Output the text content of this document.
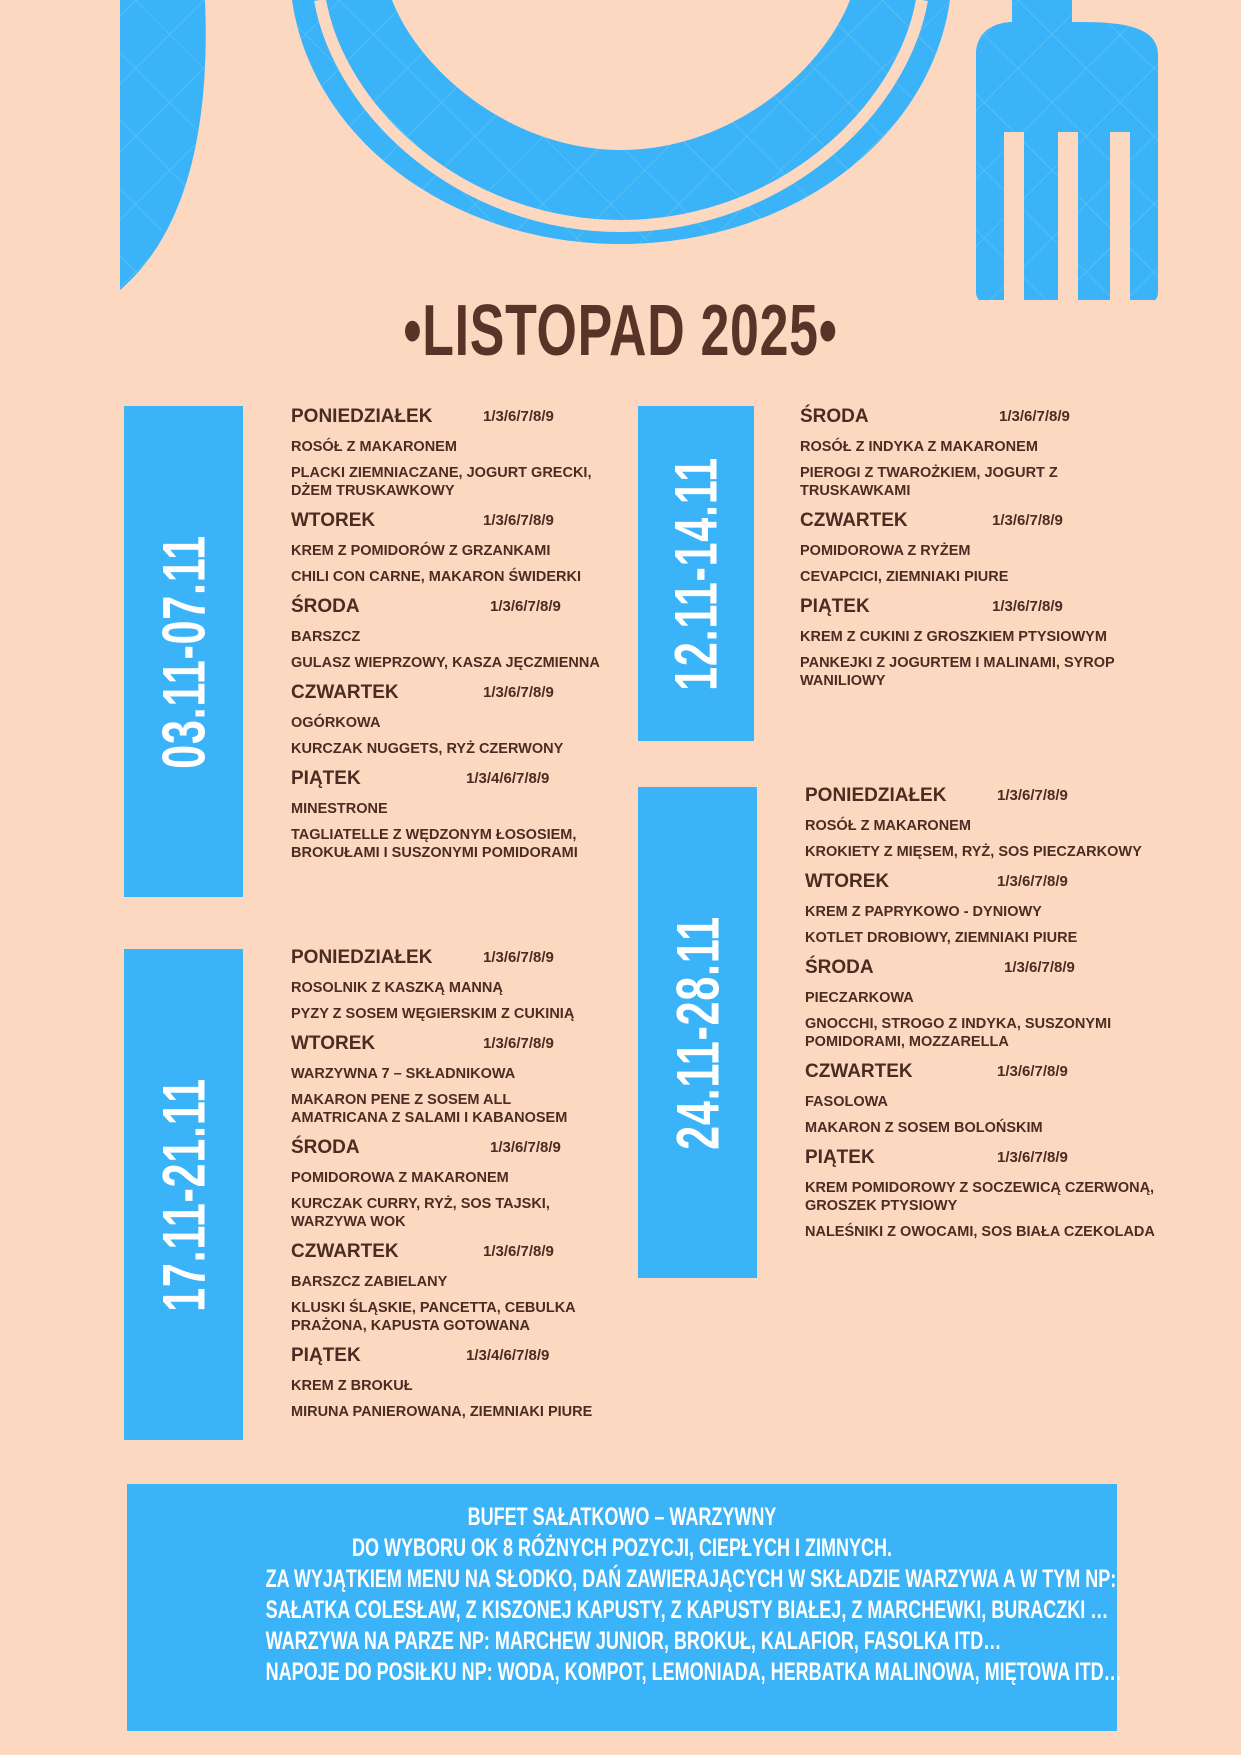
•LISTOPAD 2025•
03.11-07.11	12.11-14.11
17.11-21.11
24.11-28.11
PONIEDZIAŁEK	1/3/6/7/8/9
ROSÓŁ Z MAKARONEM
PLACKI ZIEMNIACZANE, JOGURT GRECKI, DŻEM TRUSKAWKOWY
WTOREK	1/3/6/7/8/9
KREM Z POMIDORÓW Z GRZANKAMI
CHILI CON CARNE, MAKARON ŚWIDERKI
ŚRODA	1/3/6/7/8/9
BARSZCZ
GULASZ WIEPRZOWY, KASZA JĘCZMIENNA
CZWARTEK	1/3/6/7/8/9
OGÓRKOWA
KURCZAK NUGGETS, RYŻ CZERWONY
PIĄTEK	1/3/4/6/7/8/9
MINESTRONE
TAGLIATELLE Z WĘDZONYM ŁOSOSIEM, BROKUŁAMI I SUSZONYMI POMIDORAMI
ŚRODA	1/3/6/7/8/9
ROSÓŁ Z INDYKA Z MAKARONEM
PIEROGI Z TWAROŻKIEM, JOGURT Z TRUSKAWKAMI
CZWARTEK	1/3/6/7/8/9
POMIDOROWA Z RYŻEM
CEVAPCICI, ZIEMNIAKI PIURE
PIĄTEK	1/3/6/7/8/9
KREM Z CUKINI Z GROSZKIEM PTYSIOWYM
PANKEJKI Z JOGURTEM I MALINAMI, SYROP WANILIOWY
PONIEDZIAŁEK	1/3/6/7/8/9
ROSOLNIK Z KASZKĄ MANNĄ
PYZY Z SOSEM WĘGIERSKIM Z CUKINIĄ
WTOREK	1/3/6/7/8/9
WARZYWNA 7 – SKŁADNIKOWA
MAKARON PENE Z SOSEM ALL AMATRICANA Z SALAMI I KABANOSEM
ŚRODA	1/3/6/7/8/9
POMIDOROWA Z MAKARONEM
KURCZAK CURRY, RYŻ, SOS TAJSKI, WARZYWA WOK
CZWARTEK	1/3/6/7/8/9
BARSZCZ ZABIELANY
KLUSKI ŚLĄSKIE, PANCETTA, CEBULKA PRAŻONA, KAPUSTA GOTOWANA
PIĄTEK	1/3/4/6/7/8/9
KREM Z BROKUŁ
MIRUNA PANIEROWANA, ZIEMNIAKI PIURE
PONIEDZIAŁEK	1/3/6/7/8/9
ROSÓŁ Z MAKARONEM
KROKIETY Z MIĘSEM, RYŻ, SOS PIECZARKOWY
WTOREK	1/3/6/7/8/9
KREM Z PAPRYKOWO - DYNIOWY
KOTLET DROBIOWY, ZIEMNIAKI PIURE
ŚRODA	1/3/6/7/8/9
PIECZARKOWA
GNOCCHI, STROGO Z INDYKA, SUSZONYMI POMIDORAMI, MOZZARELLA
CZWARTEK	1/3/6/7/8/9
FASOLOWA
MAKARON Z SOSEM BOLOŃSKIM
PIĄTEK	1/3/6/7/8/9
KREM POMIDOROWY Z SOCZEWICĄ CZERWONĄ, GROSZEK PTYSIOWY
NALEŚNIKI Z OWOCAMI, SOS BIAŁA CZEKOLADA
BUFET SAŁATKOWO – WARZYWNY
DO WYBORU OK 8 RÓŻNYCH POZYCJI, CIEPŁYCH I ZIMNYCH.
ZA WYJĄTKIEM MENU NA SŁODKO, DAŃ ZAWIERAJĄCYCH W SKŁADZIE WARZYWA A W TYM NP:
SAŁATKA COLESŁAW, Z KISZONEJ KAPUSTY, Z KAPUSTY BIAŁEJ, Z MARCHEWKI, BURACZKI …
WARZYWA NA PARZE NP: MARCHEW JUNIOR, BROKUŁ, KALAFIOR, FASOLKA ITD…
NAPOJE DO POSIŁKU NP: WODA, KOMPOT, LEMONIADA, HERBATKA MALINOWA, MIĘTOWA ITD…
